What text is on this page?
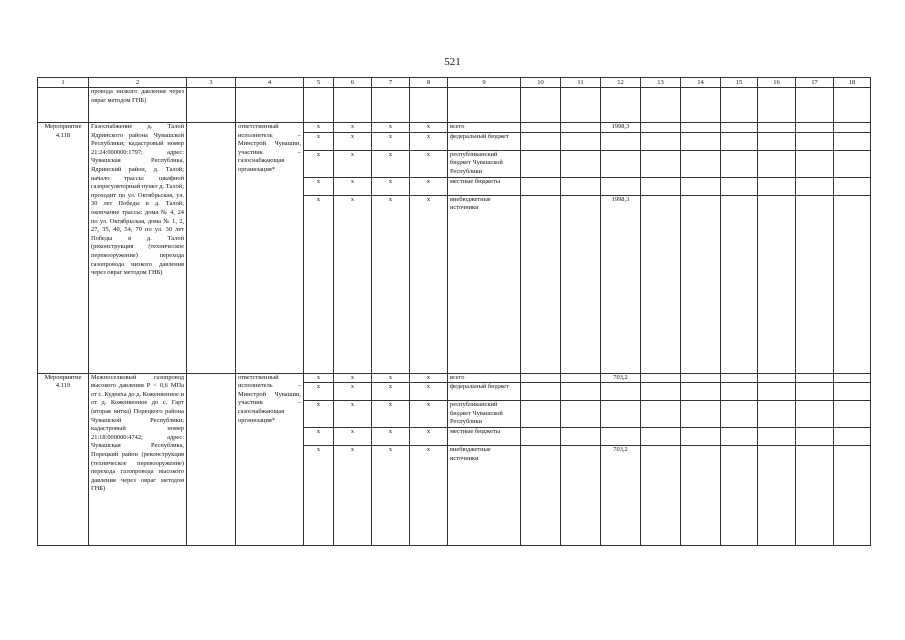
521
1	2	3	4	5	6	7	8	9	10	11	12	13	14	15	16	17	18
	провода низкого давления через овраг методом ГНБ)																
Мероприятие 4.118	Газоснабжение д. Талой Ядринского района Чувашской Республики; кадастровый номер 21:24:000000:1797; адрес: Чувашская Республика, Ядринский район, д. Талой; начало трассы: шкафной газорегуляторный пункт д. Талой; проходит по ул. Октябрьская, ул. 30 лет Победы в д. Талой; окончание трассы: дома № 4, 24 по ул. Октябрьская, дома № 1, 2, 27, 35, 40, 54, 70 по ул. 30 лет Победы в д. Талой (реконструкция (техническое перевооружение) перехода газопровода низкого давления через овраг методом ГНБ)		ответственный исполнитель – Минстрой Чувашии, участник – газоснабжающая организация*	х	х	х	х	всего			1998,3						
				х	х	х	х	федеральный бюджет									
				х	х	х	х	республиканский бюджет Чувашской Республики									
				х	х	х	х	местные бюджеты									
				х	х	х	х	внебюджетные источники			1998,3						
Мероприятие 4.119	Межпоселковый газопровод высокого давления Р < 0,6 МПа от с. Кудеиха до д. Коженвенное и от д. Коженвенное до с. Гарт (вторая нитка) Порецкого района Чувашской Республики; кадастровый номер 21:18:000000:4742; адрес: Чувашская Республика, Порецкий район (реконструкция (техническое перевооружение) перехода газопровода высокого давления через овраг методом ГНБ)		ответственный исполнитель – Минстрой Чувашии, участник – газоснабжающая организация*	х	х	х	х	всего			703,2						
				х	х	х	х	федеральный бюджет									
				х	х	х	х	республиканский бюджет Чувашской Республики									
				х	х	х	х	местные бюджеты									
				х	х	х	х	внебюджетные источники			703,2						
